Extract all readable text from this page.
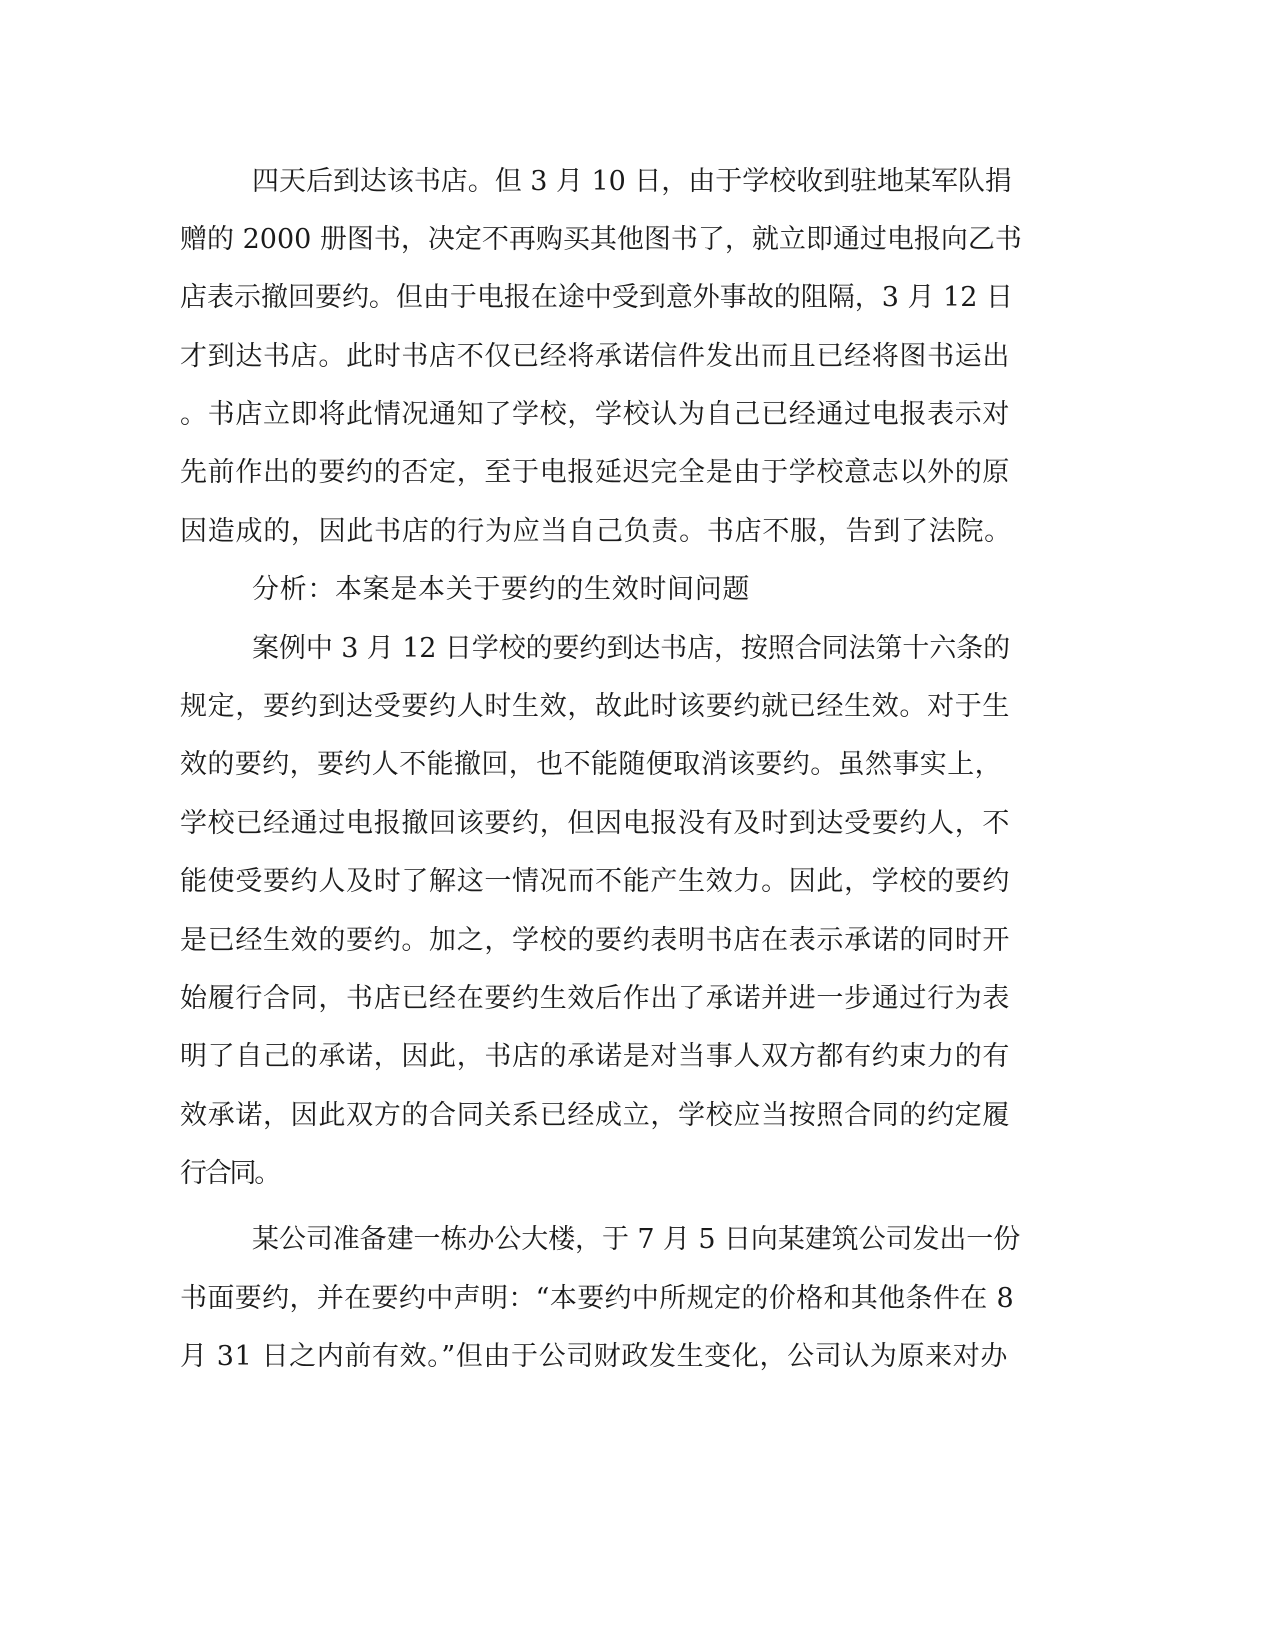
四天后到达该书店。但 3 月 10 日，由于学校收到驻地某军队捐
赠的 2000 册图书，决定不再购买其他图书了，就立即通过电报向乙书
店表示撤回要约。但由于电报在途中受到意外事故的阻隔，3 月 12 日
才到达书店。此时书店不仅已经将承诺信件发出而且已经将图书运出
。书店立即将此情况通知了学校，学校认为自己已经通过电报表示对
先前作出的要约的否定，至于电报延迟完全是由于学校意志以外的原
因造成的，因此书店的行为应当自己负责。书店不服，告到了法院。
分析：本案是本关于要约的生效时间问题
案例中 3 月 12 日学校的要约到达书店，按照合同法第十六条的
规定，要约到达受要约人时生效，故此时该要约就已经生效。对于生
效的要约，要约人不能撤回，也不能随便取消该要约。虽然事实上，
学校已经通过电报撤回该要约，但因电报没有及时到达受要约人，不
能使受要约人及时了解这一情况而不能产生效力。因此，学校的要约
是已经生效的要约。加之，学校的要约表明书店在表示承诺的同时开
始履行合同，书店已经在要约生效后作出了承诺并进一步通过行为表
明了自己的承诺，因此，书店的承诺是对当事人双方都有约束力的有
效承诺，因此双方的合同关系已经成立，学校应当按照合同的约定履
行合同。
某公司准备建一栋办公大楼，于 7 月 5 日向某建筑公司发出一份
书面要约，并在要约中声明：“本要约中所规定的价格和其他条件在 8
月 31 日之内前有效。”但由于公司财政发生变化，公司认为原来对办
